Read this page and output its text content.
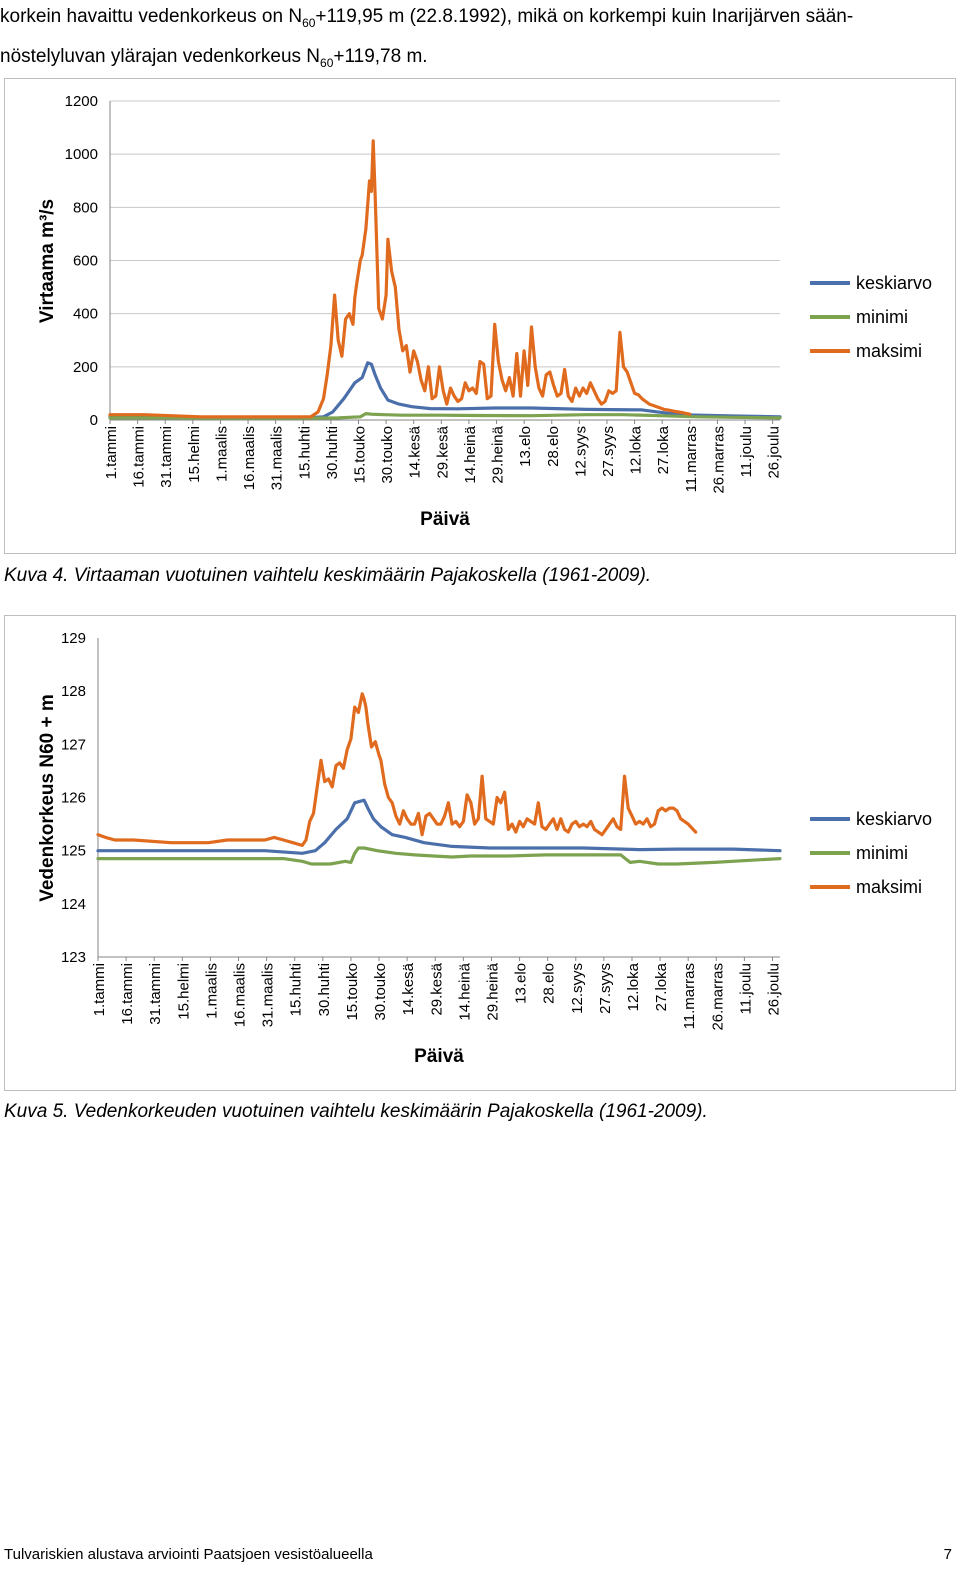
korkein havaittu vedenkorkeus on $N_{60}+119,95$ m (22.8.1992), mikä on korkempi kuin Inarijärven sään-

nöstelyluvan ylärajan vedenkorkeus $N_{60}+119,78$ m.

0
200
400
600
800
1000
1200
1.tammi 16.tammi 31.tammi 15.helmi 1.maalis 16.maalis 31.maalis 15.huhti 30.huhti 15.touko 30.touko 14.kesä 29.kesä 14.heinä 29.heinä 13.elo 28.elo 12.syys 27.syys 12.loka 27.loka 11.marras 26.marras 11.joulu 26.joulu
keskiarvo
minimi
maksimi
Virtaama m³/s
Päivä
Kuva 4. Virtaaman vuotuinen vaihtelu keskimäärin Pajakoskella (1961-2009).
123
124
125
126
127
128
129
1.tammi 16.tammi 31.tammi 15.helmi 1.maalis 16.maalis 31.maalis 15.huhti 30.huhti 15.touko 30.touko 14.kesä 29.kesä 14.heinä 29.heinä 13.elo 28.elo 12.syys 27.syys 12.loka 27.loka 11.marras 26.marras 11.joulu 26.joulu
keskiarvo
minimi
maksimi
Vedenkorkeus N60 + m
Päivä
Kuva 5. Vedenkorkeuden vuotuinen vaihtelu keskimäärin Pajakoskella (1961-2009).
Tulvariskien alustava arviointi Paatsjoen vesistöalueella	7
